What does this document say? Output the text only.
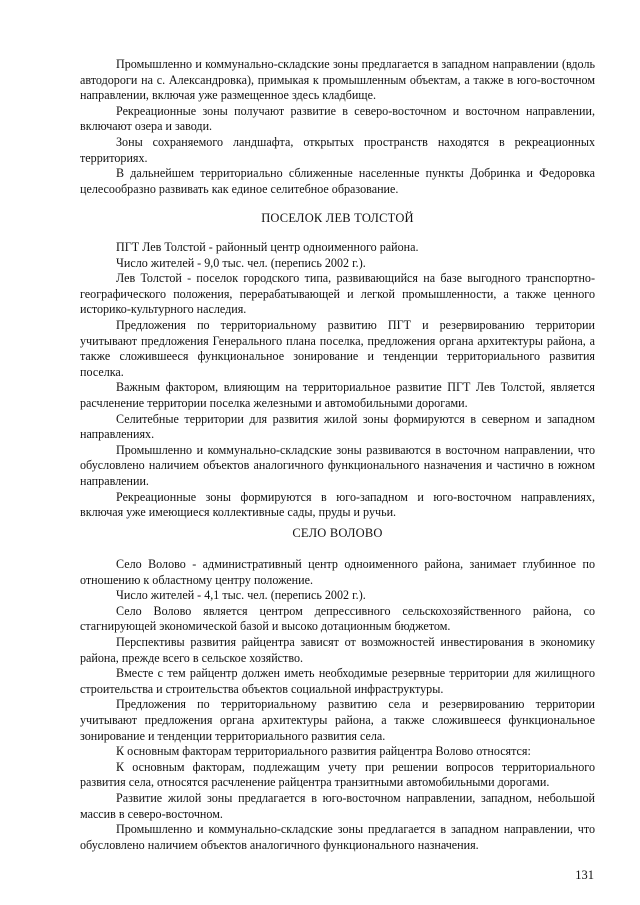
Промышленно и коммунально-складские зоны предлагается в западном направлении (вдоль автодороги на с. Александровка), примыкая к промышленным объектам, а также в юго-восточном направлении, включая уже размещенное здесь кладбище.

Рекреационные зоны получают развитие в северо-восточном и восточном направлении, включают озера и заводи.

Зоны сохраняемого ландшафта, открытых пространств находятся в рекреационных территориях.

В дальнейшем территориально сближенные населенные пункты Добринка и Федоровка целесообразно развивать как единое селитебное образование.

ПОСЕЛОК ЛЕВ ТОЛСТОЙ

ПГТ Лев Толстой - районный центр одноименного района.

Число жителей - 9,0 тыс. чел. (перепись 2002 г.).

Лев Толстой - поселок городского типа, развивающийся на базе выгодного транспортно-географического положения, перерабатывающей и легкой промышленности, а также ценного историко-культурного наследия.

Предложения по территориальному развитию ПГТ и резервированию территории учитывают предложения Генерального плана поселка, предложения органа архитектуры района, а также сложившееся функциональное зонирование и тенденции территориального развития поселка.

Важным фактором, влияющим на территориальное развитие ПГТ Лев Толстой, является расчленение территории поселка железными и автомобильными дорогами.

Селитебные территории для развития жилой зоны формируются в северном и западном направлениях.

Промышленно и коммунально-складские зоны развиваются в восточном направлении, что обусловлено наличием объектов аналогичного функционального назначения и частично в южном направлении.

Рекреационные зоны формируются в юго-западном и юго-восточном направлениях, включая уже имеющиеся коллективные сады, пруды и ручьи.

СЕЛО ВОЛОВО

Село Волово - административный центр одноименного района, занимает глубинное по отношению к областному центру положение.

Число жителей - 4,1 тыс. чел. (перепись 2002 г.).

Село Волово является центром депрессивного сельскохозяйственного района, со стагнирующей экономической базой и высоко дотационным бюджетом.

Перспективы развития райцентра зависят от возможностей инвестирования в экономику района, прежде всего в сельское хозяйство.

Вместе с тем райцентр должен иметь необходимые резервные территории для жилищного строительства и строительства объектов социальной инфраструктуры.

Предложения по территориальному развитию села и резервированию территории учитывают предложения органа архитектуры района, а также сложившееся функциональное зонирование и тенденции территориального развития села.

К основным факторам территориального развития райцентра Волово относятся:

К основным факторам, подлежащим учету при решении вопросов территориального развития села, относятся расчленение райцентра транзитными автомобильными дорогами.

Развитие жилой зоны предлагается в юго-восточном направлении, западном, небольшой массив в северо-восточном.

Промышленно и коммунально-складские зоны предлагается в западном направлении, что обусловлено наличием объектов аналогичного функционального назначения.

131
